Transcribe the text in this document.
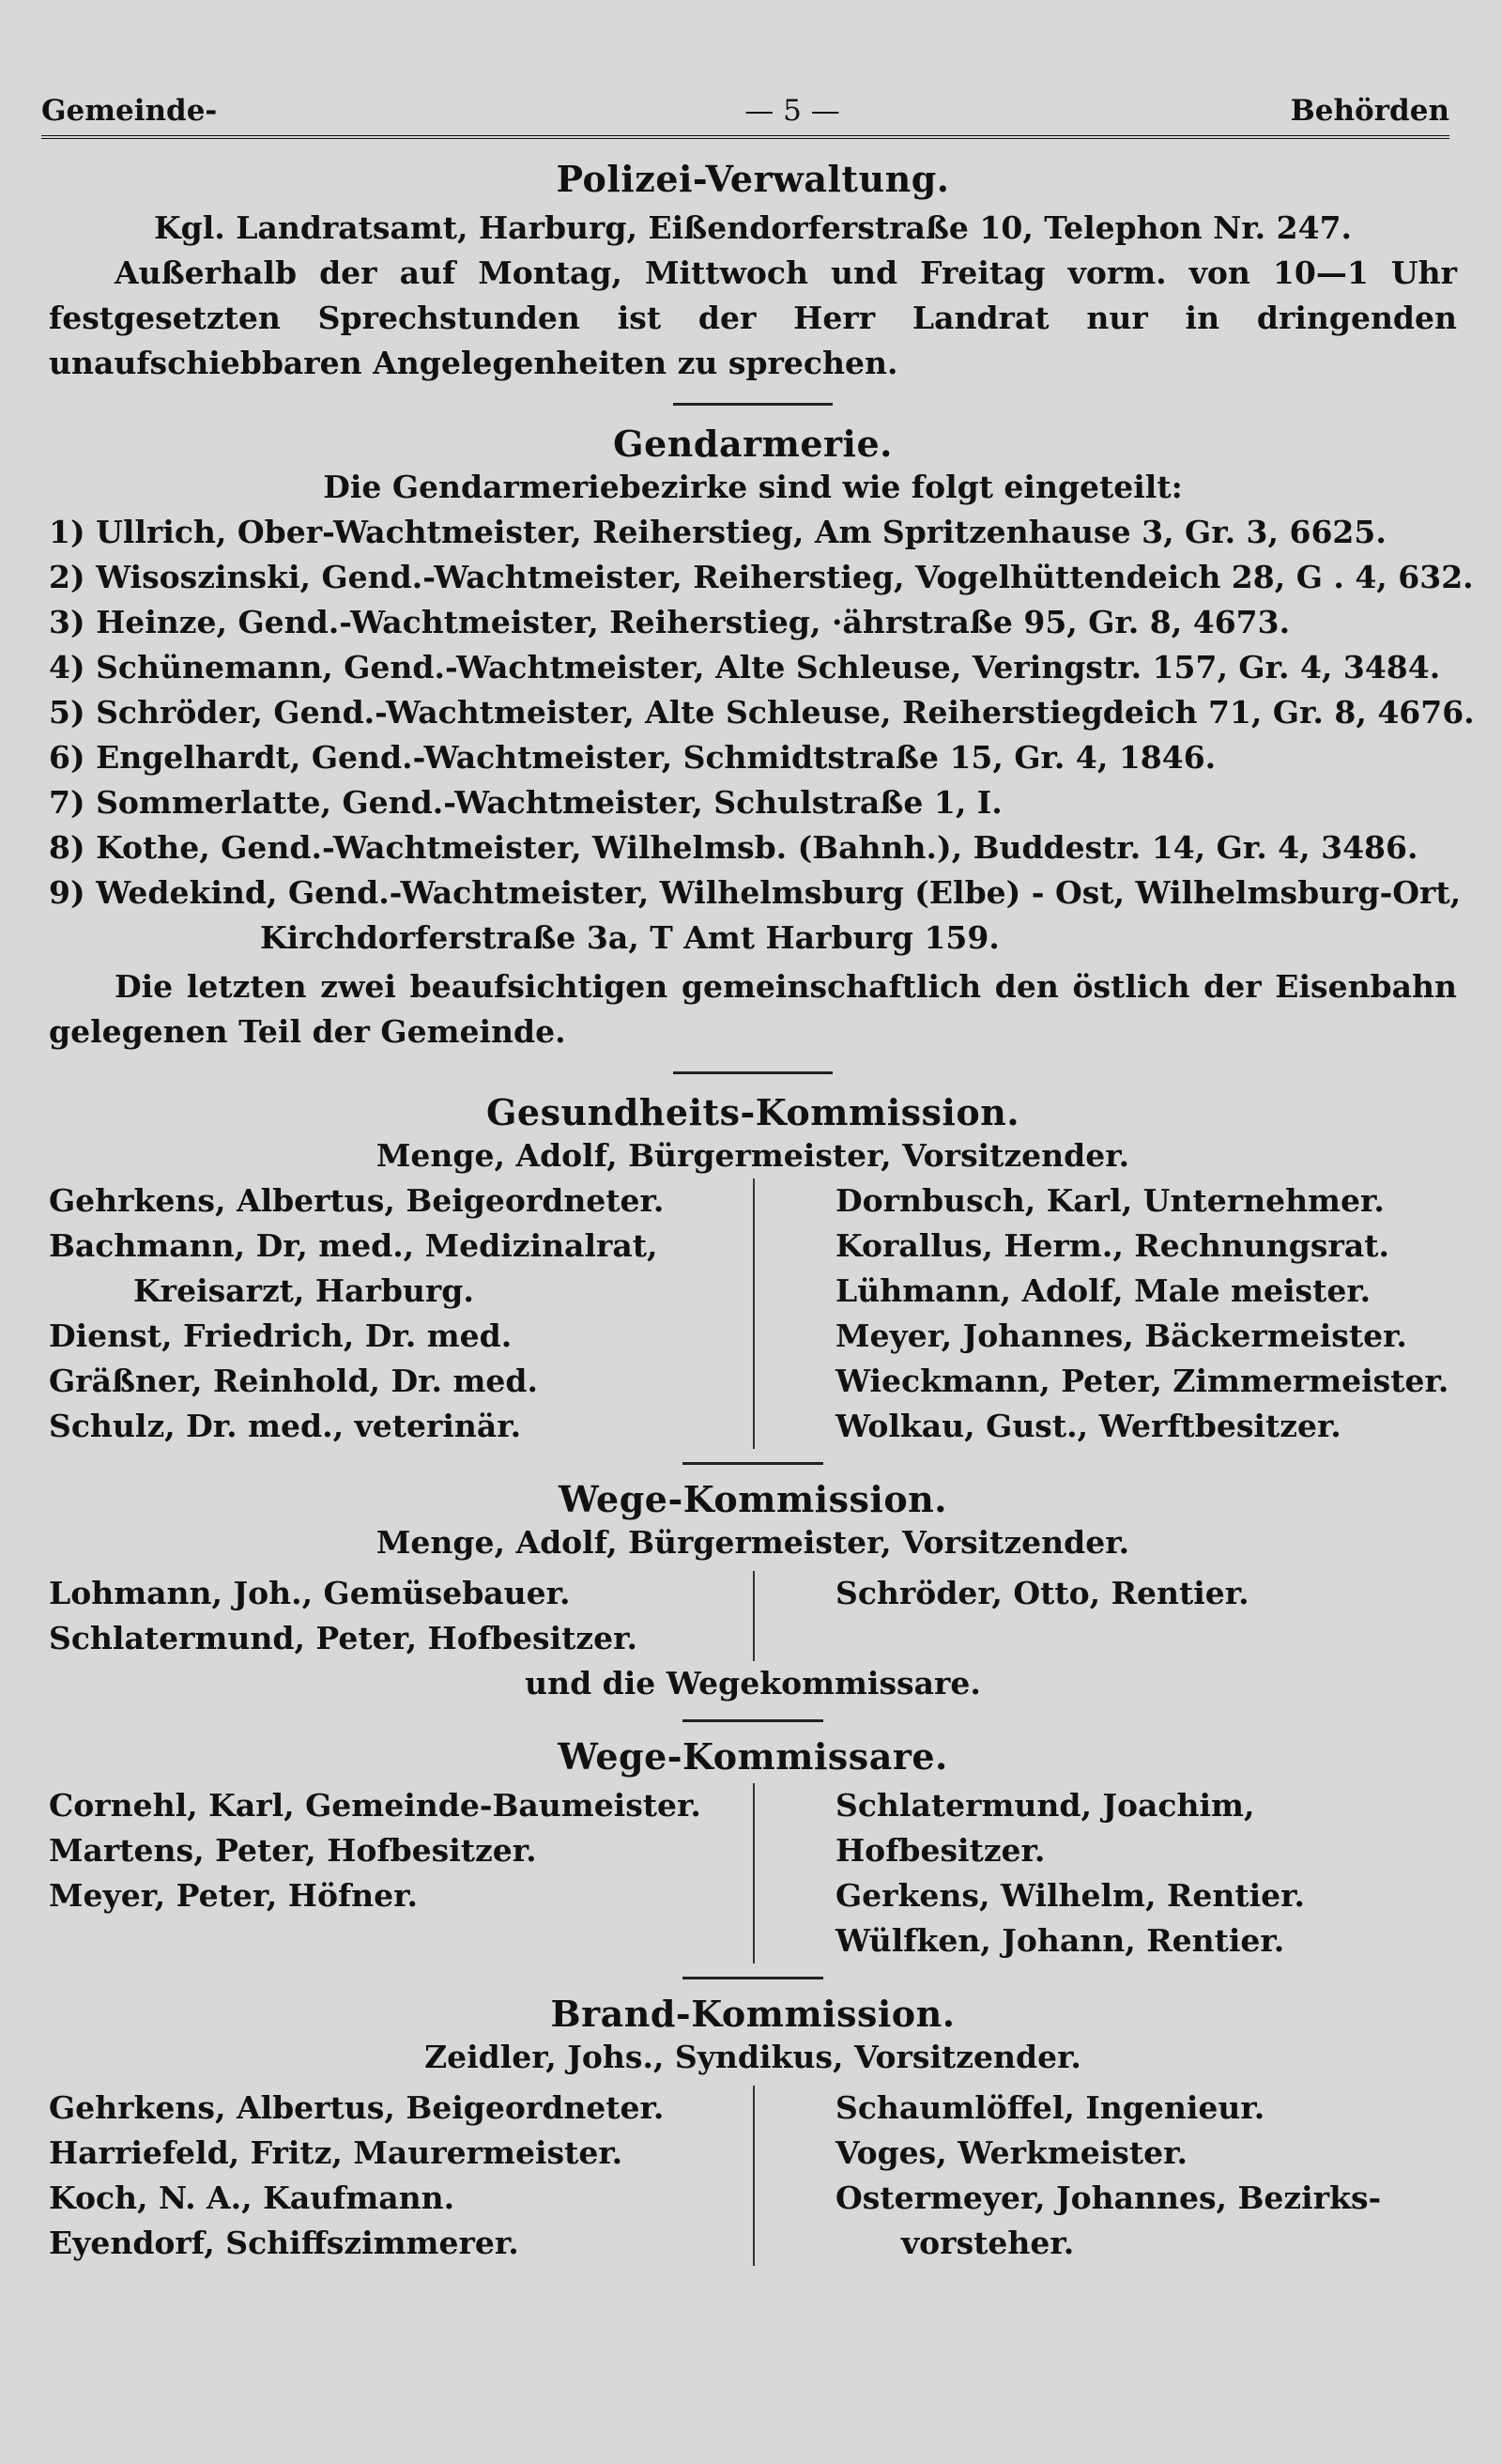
Gemeinde-	— 5 —	Behörden

Polizei-Verwaltung.
Kgl. Landratsamt, Harburg, Eißendorferstraße 10, Telephon Nr. 247.
Außerhalb der auf Montag, Mittwoch und Freitag vorm. von 10—1 Uhr festgesetzten Sprechstunden ist der Herr Landrat nur in dringenden unaufschiebbaren Angelegenheiten zu sprechen.
Gendarmerie.
Die Gendarmeriebezirke sind wie folgt eingeteilt:
1) Ullrich, Ober-Wachtmeister, Reiherstieg, Am Spritzenhause 3, Gr. 3, 6625.
2) Wisoszinski, Gend.-Wachtmeister, Reiherstieg, Vogelhüttendeich 28, G . 4, 632.
3) Heinze, Gend.-Wachtmeister, Reiherstieg, ·ährstraße 95, Gr. 8, 4673.
4) Schünemann, Gend.-Wachtmeister, Alte Schleuse, Veringstr. 157, Gr. 4, 3484.
5) Schröder, Gend.-Wachtmeister, Alte Schleuse, Reiherstiegdeich 71, Gr. 8, 4676.
6) Engelhardt, Gend.-Wachtmeister, Schmidtstraße 15, Gr. 4, 1846.
7) Sommerlatte, Gend.-Wachtmeister, Schulstraße 1, I.
8) Kothe, Gend.-Wachtmeister, Wilhelmsb. (Bahnh.), Buddestr. 14, Gr. 4, 3486.
9) Wedekind, Gend.-Wachtmeister, Wilhelmsburg (Elbe) - Ost, Wilhelmsburg-Ort,
Kirchdorferstraße 3a, T Amt Harburg 159.
Die letzten zwei beaufsichtigen gemeinschaftlich den östlich der Eisenbahn gelegenen Teil der Gemeinde.
Gesundheits-Kommission.
Menge, Adolf, Bürgermeister, Vorsitzender.
Gehrkens, Albertus, Beigeordneter.
Bachmann, Dr, med., Medizinalrat,
Kreisarzt, Harburg.
Dienst, Friedrich, Dr. med.
Gräßner, Reinhold, Dr. med.
Schulz, Dr. med., veterinär.
Dornbusch, Karl, Unternehmer.
Korallus, Herm., Rechnungsrat.
Lühmann, Adolf, Male meister.
Meyer, Johannes, Bäckermeister.
Wieckmann, Peter, Zimmermeister.
Wolkau, Gust., Werftbesitzer.
Wege-Kommission.
Menge, Adolf, Bürgermeister, Vorsitzender.
Lohmann, Joh., Gemüsebauer.
Schlatermund, Peter, Hofbesitzer.
Schröder, Otto, Rentier.
und die Wegekommissare.
Wege-Kommissare.
Cornehl, Karl, Gemeinde-Baumeister.
Martens, Peter, Hofbesitzer.
Meyer, Peter, Höfner.
Schlatermund, Joachim, Hofbesitzer.
Gerkens, Wilhelm, Rentier.
Wülfken, Johann, Rentier.
Brand-Kommission.
Zeidler, Johs., Syndikus, Vorsitzender.
Gehrkens, Albertus, Beigeordneter.
Harriefeld, Fritz, Maurermeister.
Koch, N. A., Kaufmann.
Eyendorf, Schiffszimmerer.
Schaumlöffel, Ingenieur.
Voges, Werkmeister.
Ostermeyer, Johannes, Bezirks-
vorsteher.
